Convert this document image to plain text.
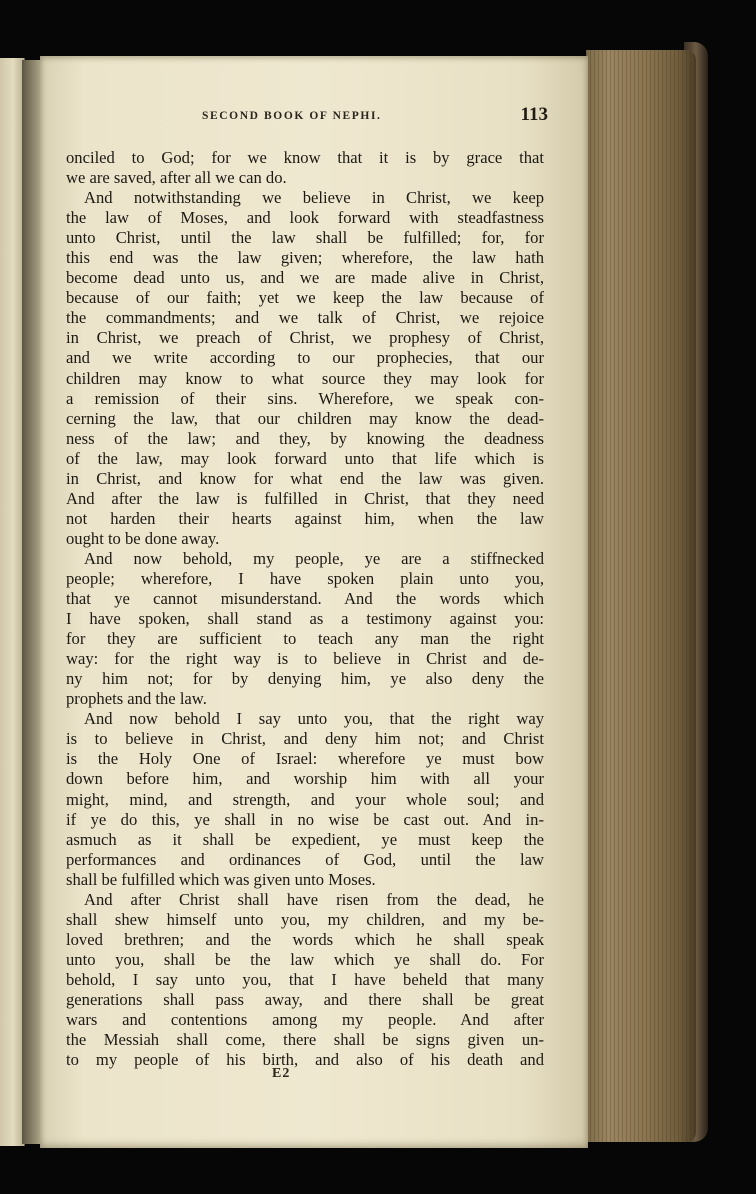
SECOND BOOK OF NEPHI.	113
onciled to God; for we know that it is by grace that
we are saved, after all we can do.
And notwithstanding we believe in Christ, we keep
the law of Moses, and look forward with steadfastness
unto Christ, until the law shall be fulfilled; for, for
this end was the law given; wherefore, the law hath
become dead unto us, and we are made alive in Christ,
because of our faith; yet we keep the law because of
the commandments; and we talk of Christ, we rejoice
in Christ, we preach of Christ, we prophesy of Christ,
and we write according to our prophecies, that our
children may know to what source they may look for
a remission of their sins. Wherefore, we speak con-
cerning the law, that our children may know the dead-
ness of the law; and they, by knowing the deadness
of the law, may look forward unto that life which is
in Christ, and know for what end the law was given.
And after the law is fulfilled in Christ, that they need
not harden their hearts against him, when the law
ought to be done away.
And now behold, my people, ye are a stiffnecked
people; wherefore, I have spoken plain unto you,
that ye cannot misunderstand. And the words which
I have spoken, shall stand as a testimony against you:
for they are sufficient to teach any man the right
way: for the right way is to believe in Christ and de-
ny him not; for by denying him, ye also deny the
prophets and the law.
And now behold I say unto you, that the right way
is to believe in Christ, and deny him not; and Christ
is the Holy One of Israel: wherefore ye must bow
down before him, and worship him with all your
might, mind, and strength, and your whole soul; and
if ye do this, ye shall in no wise be cast out. And in-
asmuch as it shall be expedient, ye must keep the
performances and ordinances of God, until the law
shall be fulfilled which was given unto Moses.
And after Christ shall have risen from the dead, he
shall shew himself unto you, my children, and my be-
loved brethren; and the words which he shall speak
unto you, shall be the law which ye shall do. For
behold, I say unto you, that I have beheld that many
generations shall pass away, and there shall be great
wars and contentions among my people. And after
the Messiah shall come, there shall be signs given un-
to my people of his birth, and also of his death and
E2
